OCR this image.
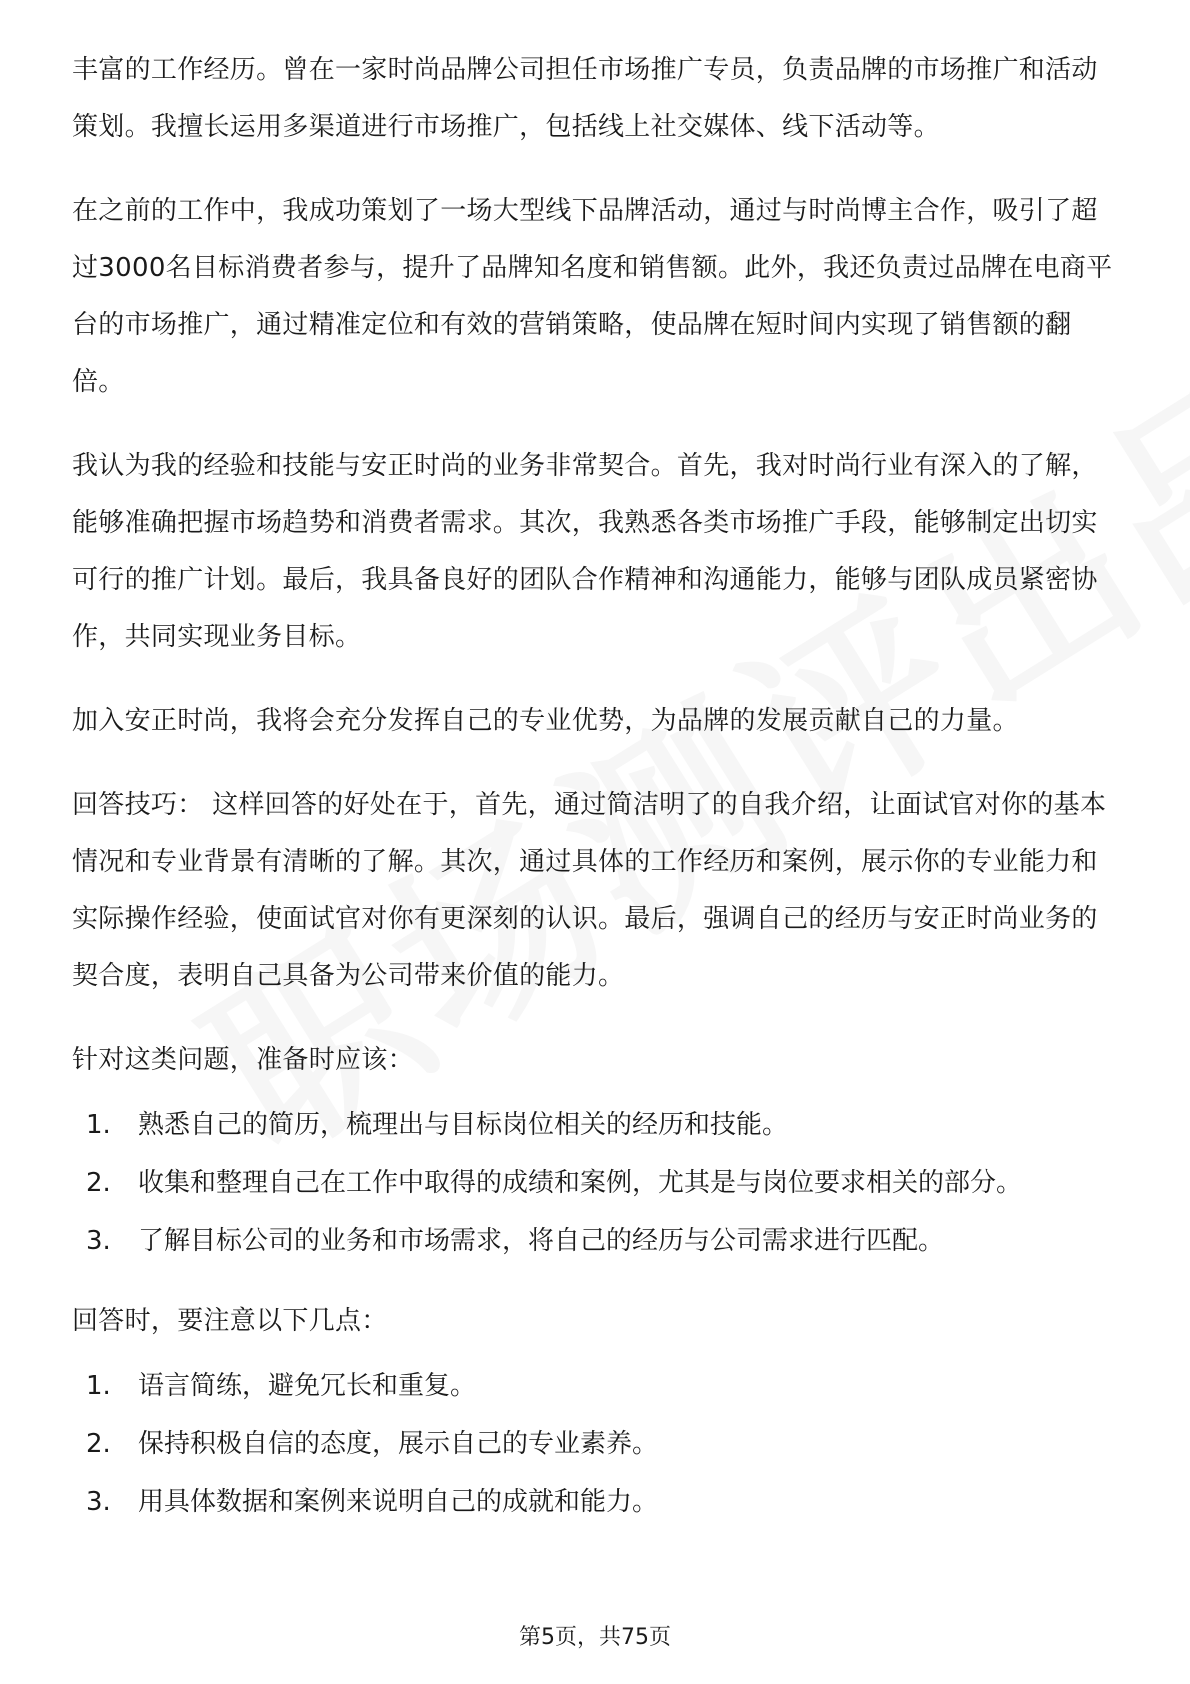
丰富的工作经历。曾在一家时尚品牌公司担任市场推广专员，负责品牌的市场推广和活动策划。我擅长运用多渠道进行市场推广，包括线上社交媒体、线下活动等。

在之前的工作中，我成功策划了一场大型线下品牌活动，通过与时尚博主合作，吸引了超过3000名目标消费者参与，提升了品牌知名度和销售额。此外，我还负责过品牌在电商平台的市场推广，通过精准定位和有效的营销策略，使品牌在短时间内实现了销售额的翻倍。

我认为我的经验和技能与安正时尚的业务非常契合。首先，我对时尚行业有深入的了解，能够准确把握市场趋势和消费者需求。其次，我熟悉各类市场推广手段，能够制定出切实可行的推广计划。最后，我具备良好的团队合作精神和沟通能力，能够与团队成员紧密协作，共同实现业务目标。

加入安正时尚，我将会充分发挥自己的专业优势，为品牌的发展贡献自己的力量。

回答技巧： 这样回答的好处在于，首先，通过简洁明了的自我介绍，让面试官对你的基本情况和专业背景有清晰的了解。其次，通过具体的工作经历和案例，展示你的专业能力和实际操作经验，使面试官对你有更深刻的认识。最后，强调自己的经历与安正时尚业务的契合度，表明自己具备为公司带来价值的能力。

针对这类问题，准备时应该：

1.	熟悉自己的简历，梳理出与目标岗位相关的经历和技能。
2.	收集和整理自己在工作中取得的成绩和案例，尤其是与岗位要求相关的部分。
3.	了解目标公司的业务和市场需求，将自己的经历与公司需求进行匹配。

回答时，要注意以下几点：

1.	语言简练，避免冗长和重复。
2.	保持积极自信的态度，展示自己的专业素养。
3.	用具体数据和案例来说明自己的成就和能力。
第5页，共75页
